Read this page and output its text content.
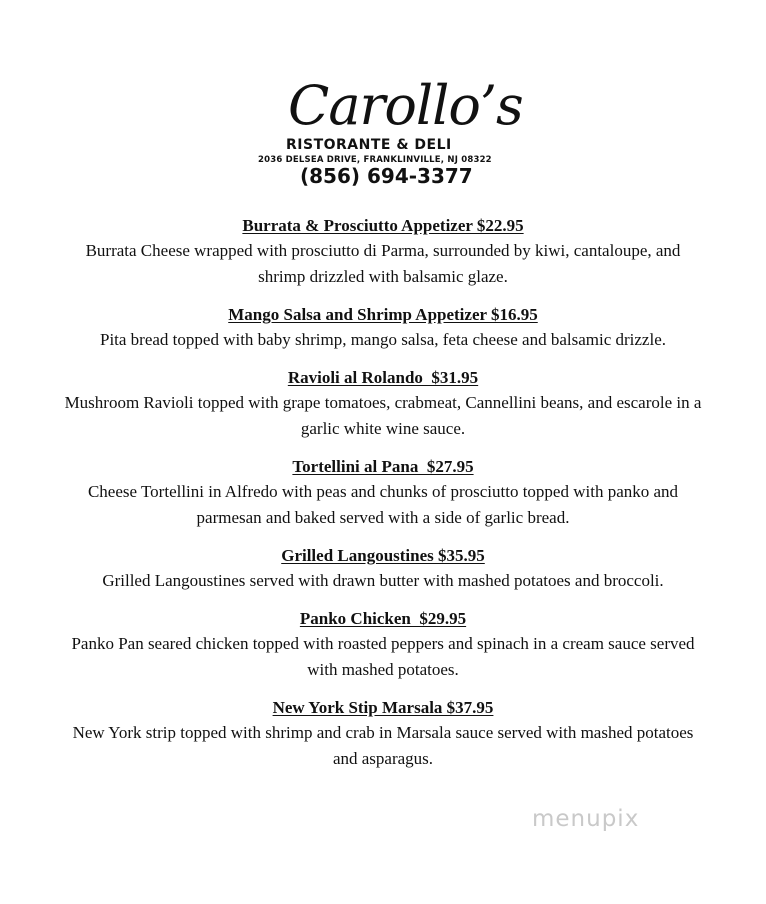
Carollo’s
RISTORANTE & DELI
2036 DELSEA DRIVE, FRANKLINVILLE, NJ 08322
(856) 694-3377
Burrata & Prosciutto Appetizer $22.95
Burrata Cheese wrapped with prosciutto di Parma, surrounded by kiwi, cantaloupe, and shrimp drizzled with balsamic glaze.
Mango Salsa and Shrimp Appetizer $16.95
Pita bread topped with baby shrimp, mango salsa, feta cheese and balsamic drizzle.
Ravioli al Rolando  $31.95
Mushroom Ravioli topped with grape tomatoes, crabmeat, Cannellini beans, and escarole in a garlic white wine sauce.
Tortellini al Pana  $27.95
Cheese Tortellini in Alfredo with peas and chunks of prosciutto topped with panko and parmesan and baked served with a side of garlic bread.
Grilled Langoustines $35.95
Grilled Langoustines served with drawn butter with mashed potatoes and broccoli.
Panko Chicken  $29.95
Panko Pan seared chicken topped with roasted peppers and spinach in a cream sauce served with mashed potatoes.
New York Stip Marsala $37.95
New York strip topped with shrimp and crab in Marsala sauce served with mashed potatoes and asparagus.
menupix
